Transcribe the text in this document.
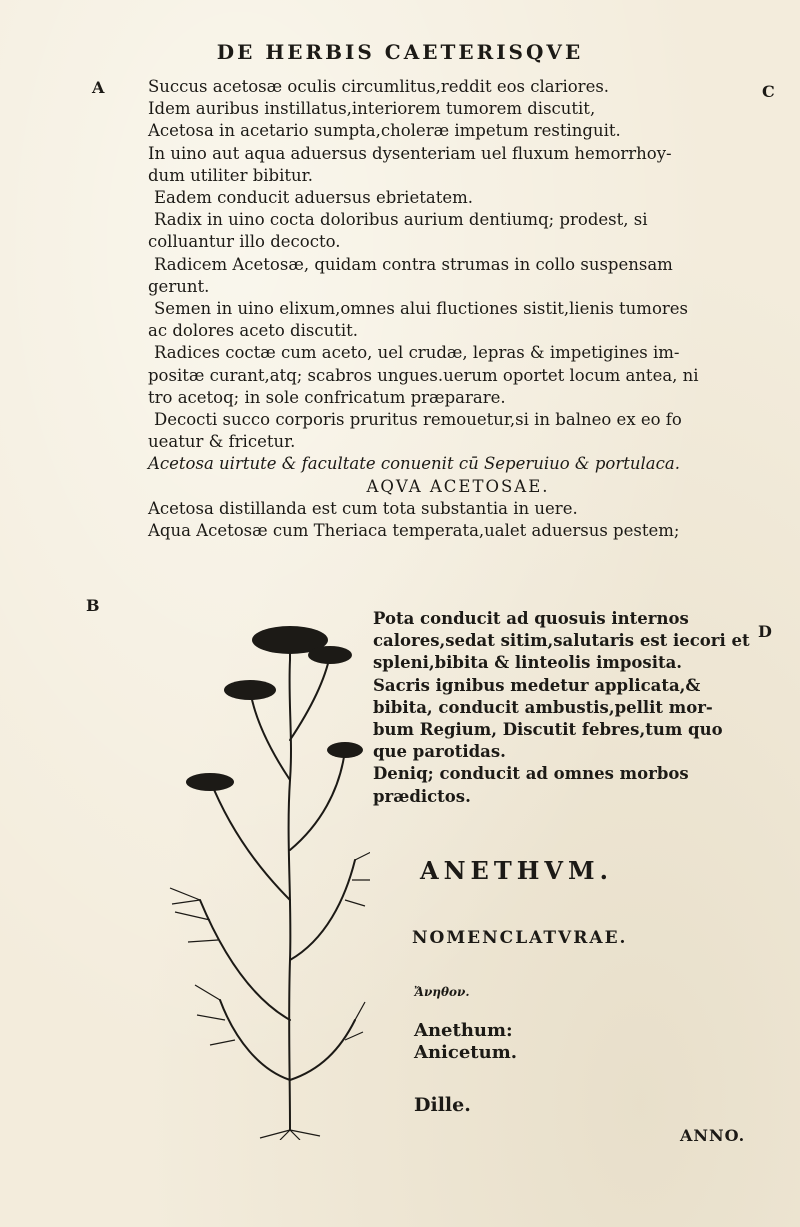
DE HERBIS CAETERISQVE
A	C
B
D

Succus acetosæ oculis circumlitus,reddit eos clariores.

Idem auribus instillatus,interiorem tumorem discutit,

Acetosa in acetario sumpta,choleræ impetum restinguit.

In uino aut aqua aduersus dysenteriam uel fluxum hemorrhoy-

dum utiliter bibitur.

Eadem conducit aduersus ebrietatem.

Radix in uino cocta doloribus aurium dentiumq; prodest, si

colluantur illo decocto.

Radicem Acetosæ, quidam contra strumas in collo suspensam

gerunt.

Semen in uino elixum,omnes alui fluctiones sistit,lienis tumores

ac dolores aceto discutit.

Radices coctæ cum aceto, uel crudæ, lepras & impetigines im-

positæ curant,atq; scabros ungues.uerum oportet locum antea, ni

tro acetoq; in sole confricatum præparare.

Decocti succo corporis pruritus remouetur,si in balneo ex eo fo

ueatur & fricetur.

Acetosa uirtute & facultate conuenit cū Seperuiuo & portulaca.

AQVA ACETOSAE.

Acetosa distillanda est cum tota substantia in uere.

Aqua Acetosæ cum Theriaca temperata,ualet aduersus pestem;

Pota conducit ad quosuis internos

calores,sedat sitim,salutaris est iecori et

spleni,bibita & linteolis imposita.

Sacris ignibus medetur applicata,&

bibita, conducit ambustis,pellit mor-

bum Regium, Discutit febres,tum quo

que parotidas.

Deniq; conducit ad omnes morbos

prædictos.

ANETHVM.
NOMENCLATVRAE.
Ἄνηθον.
Anethum:
Anicetum.
Dille.
ANNO.
